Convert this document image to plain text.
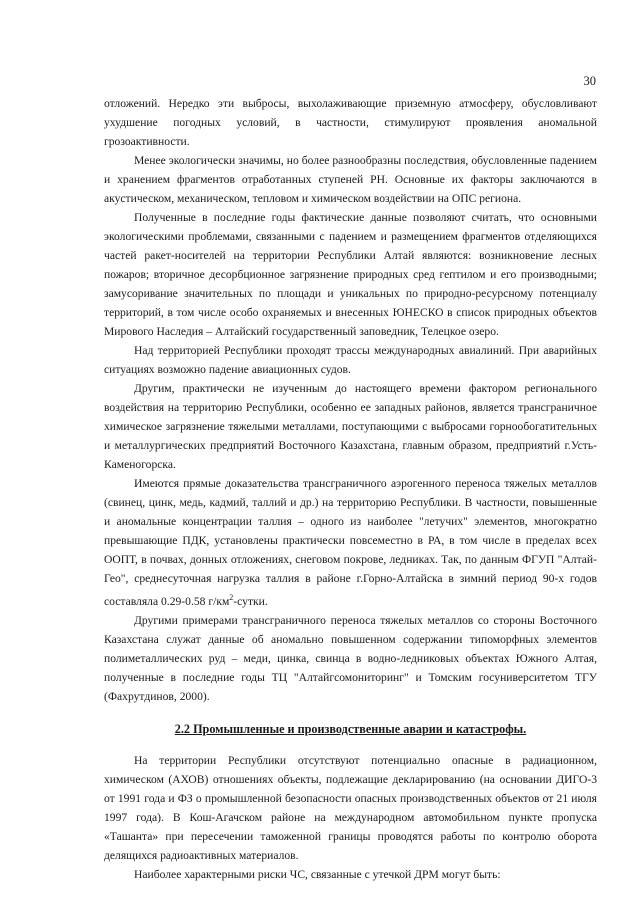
30

отложений. Нередко эти выбросы, выхолаживающие приземную атмосферу, обусловливают ухудшение погодных условий, в частности, стимулируют проявления аномальной грозоактивности.

Менее экологически значимы, но более разнообразны последствия, обусловленные падением и хранением фрагментов отработанных ступеней РН. Основные их факторы заключаются в акустическом, механическом, тепловом и химическом воздействии на ОПС региона.

Полученные в последние годы фактические данные позволяют считать, что основными экологическими проблемами, связанными с падением и размещением фрагментов отделяющихся частей ракет-носителей на территории Республики Алтай являются: возникновение лесных пожаров; вторичное десорбционное загрязнение природных сред гептилом и его производными; замусоривание значительных по площади и уникальных по природно-ресурсному потенциалу территорий, в том числе особо охраняемых и внесенных ЮНЕСКО в список природных объектов Мирового Наследия – Алтайский государственный заповедник, Телецкое озеро.

Над территорией Республики проходят трассы международных авиалиний. При аварийных ситуациях возможно падение авиационных судов.

Другим, практически не изученным до настоящего времени фактором регионального воздействия на территорию Республики, особенно ее западных районов, является трансграничное химическое загрязнение тяжелыми металлами, поступающими с выбросами горнообогатительных и металлургических предприятий Восточного Казахстана, главным образом, предприятий г.Усть-Каменогорска.

Имеются прямые доказательства трансграничного аэрогенного переноса тяжелых металлов (свинец, цинк, медь, кадмий, таллий и др.) на территорию Республики. В частности, повышенные и аномальные концентрации таллия – одного из наиболее "летучих" элементов, многократно превышающие ПДК, установлены практически повсеместно в РА, в том числе в пределах всех ООПТ, в почвах, донных отложениях, снеговом покрове, ледниках. Так, по данным ФГУП "Алтай-Гео", среднесуточная нагрузка таллия в районе г.Горно-Алтайска в зимний период 90-х годов составляла 0.29-0.58 $г/км^2$-сутки.

Другими примерами трансграничного переноса тяжелых металлов со стороны Восточного Казахстана служат данные об аномально повышенном содержании типоморфных элементов полиметаллических руд – меди, цинка, свинца в водно-ледниковых объектах Южного Алтая, полученные в последние годы ТЦ "Алтайгсомониторинг" и Томским госуниверситетом ТГУ (Фахрутдинов, 2000).

2.2 Промышленные и производственные аварии и катастрофы.

На территории Республики отсутствуют потенциально опасные в радиационном, химическом (АХОВ) отношениях объекты, подлежащие декларированию (на основании ДИГО-3 от 1991 года и ФЗ о промышленной безопасности опасных производственных объектов от 21 июля 1997 года). В Кош-Агачском районе на международном автомобильном пункте пропуска «Ташанта» при пересечении таможенной границы проводятся работы по контролю оборота делящихся радиоактивных материалов.

Наиболее характерными риски ЧС, связанные с утечкой ДРМ могут быть:
